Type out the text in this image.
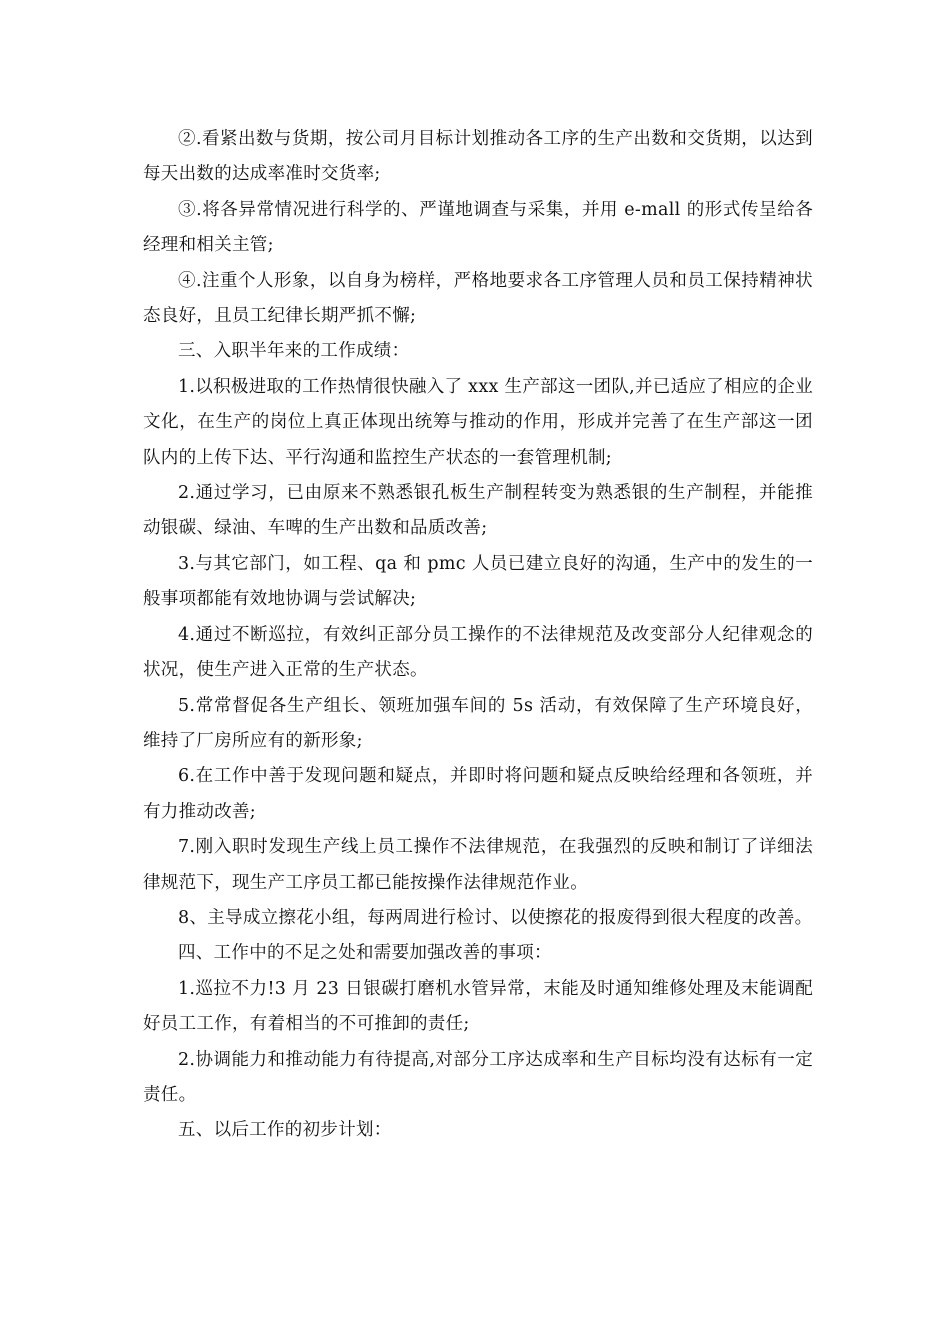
②.看紧出数与货期，按公司月目标计划推动各工序的生产出数和交货期，以达到每天出数的达成率准时交货率;

③.将各异常情况进行科学的、严谨地调查与采集，并用 e-mall 的形式传呈给各经理和相关主管;

④.注重个人形象，以自身为榜样，严格地要求各工序管理人员和员工保持精神状态良好，且员工纪律长期严抓不懈;

三、入职半年来的工作成绩：

1.以积极进取的工作热情很快融入了 xxx 生产部这一团队,并已适应了相应的企业文化，在生产的岗位上真正体现出统筹与推动的作用，形成并完善了在生产部这一团队内的上传下达、平行沟通和监控生产状态的一套管理机制;

2.通过学习，已由原来不熟悉银孔板生产制程转变为熟悉银的生产制程，并能推动银碳、绿油、车啤的生产出数和品质改善;

3.与其它部门，如工程、qa 和 pmc 人员已建立良好的沟通，生产中的发生的一般事项都能有效地协调与尝试解决;

4.通过不断巡拉，有效纠正部分员工操作的不法律规范及改变部分人纪律观念的状况，使生产进入正常的生产状态。

5.常常督促各生产组长、领班加强车间的 5s 活动，有效保障了生产环境良好，维持了厂房所应有的新形象;

6.在工作中善于发现问题和疑点，并即时将问题和疑点反映给经理和各领班，并有力推动改善;

7.刚入职时发现生产线上员工操作不法律规范，在我强烈的反映和制订了详细法律规范下，现生产工序员工都已能按操作法律规范作业。

8、主导成立擦花小组，每两周进行检讨、以使擦花的报废得到很大程度的改善。

四、工作中的不足之处和需要加强改善的事项：

1.巡拉不力!3 月 23 日银碳打磨机水管异常，末能及时通知维修处理及末能调配好员工工作，有着相当的不可推卸的责任;

2.协调能力和推动能力有待提高,对部分工序达成率和生产目标均没有达标有一定责任。

五、以后工作的初步计划：
